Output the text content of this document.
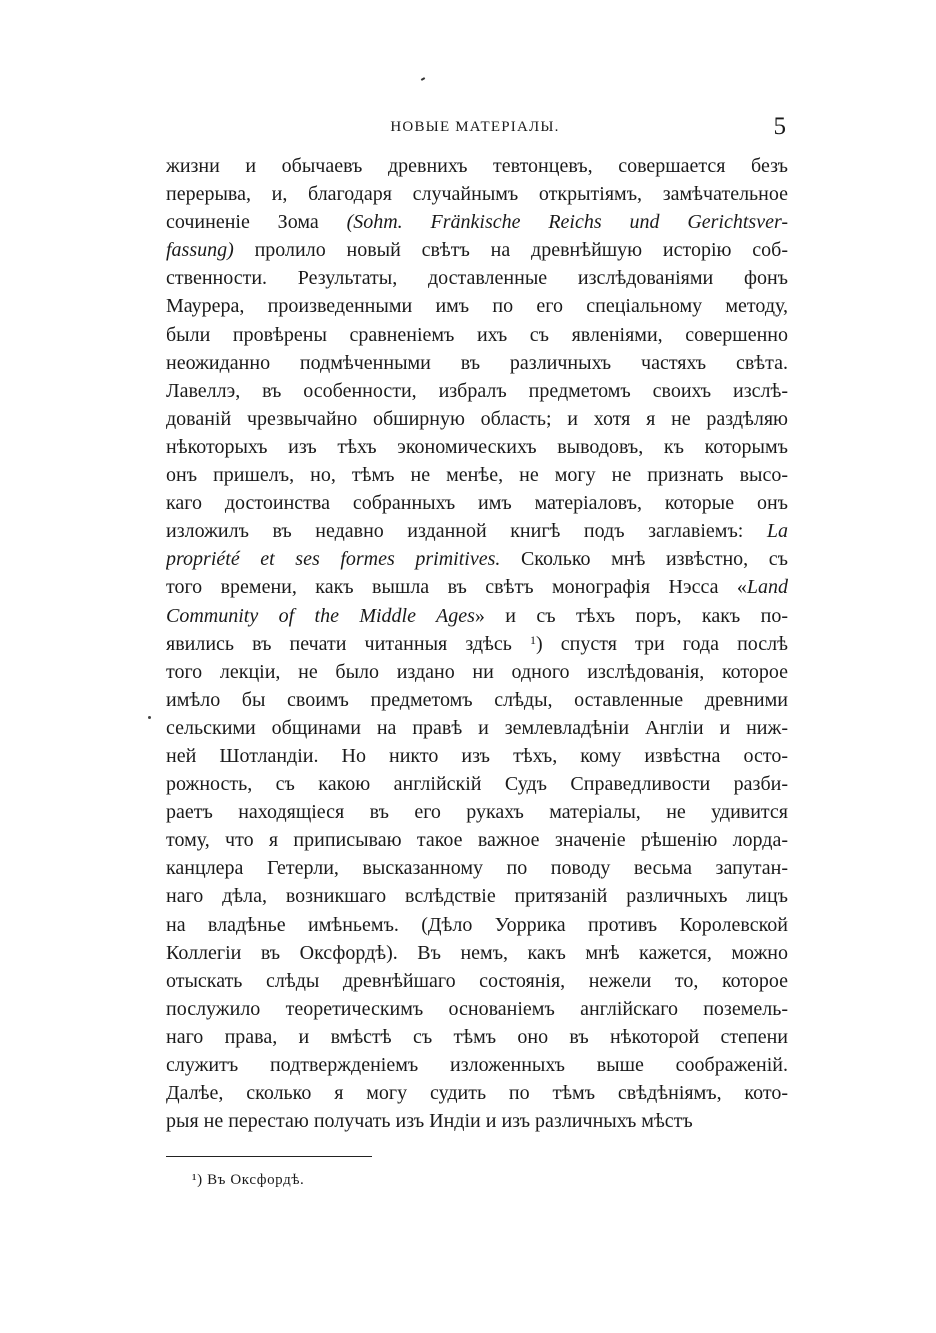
НОВЫЕ МАТЕРІАЛЫ.	5
жизни и обычаевъ древнихъ тевтонцевъ, совершается безъ
перерыва, и, благодаря случайнымъ открытіямъ, замѣчательное
сочиненіе Зома (Sohm. Fränkische Reichs und Gerichtsver-
fassung) пролило новый свѣтъ на древнѣйшую исторію соб-
ственности. Результаты, доставленные изслѣдованіями фонъ
Маурера, произведенными имъ по его спеціальному методу,
были провѣрены сравненіемъ ихъ съ явленіями, совершенно
неожиданно подмѣченными въ различныхъ частяхъ свѣта.
Лавеллэ, въ особенности, избралъ предметомъ своихъ изслѣ-
дованій чрезвычайно обширную область; и хотя я не раздѣляю
нѣкоторыхъ изъ тѣхъ экономическихъ выводовъ, къ которымъ
онъ пришелъ, но, тѣмъ не менѣе, не могу не признать высо-
каго достоинства собранныхъ имъ матеріаловъ, которые онъ
изложилъ въ недавно изданной книгѣ подъ заглавіемъ: La
propriété et ses formes primitives. Сколько мнѣ извѣстно, съ
того времени, какъ вышла въ свѣтъ монографія Нэсса «Land
Community of the Middle Ages» и съ тѣхъ поръ, какъ по-
явились въ печати читанныя здѣсь $^1$) спустя три года послѣ
того лекціи, не было издано ни одного изслѣдованія, которое
имѣло бы своимъ предметомъ слѣды, оставленные древними
сельскими общинами на правѣ и землевладѣніи Англіи и ниж-
ней Шотландіи. Но никто изъ тѣхъ, кому извѣстна осто-
рожность, съ какою англійскій Судъ Справедливости разби-
раетъ находящіеся въ его рукахъ матеріалы, не удивится
тому, что я приписываю такое важное значеніе рѣшенію лорда-
канцлера Гетерли, высказанному по поводу весьма запутан-
наго дѣла, возникшаго вслѣдствіе притязаній различныхъ лицъ
на владѣнье имѣньемъ. (Дѣло Уоррика противъ Королевской
Коллегіи въ Оксфордѣ). Въ немъ, какъ мнѣ кажется, можно
отыскать слѣды древнѣйшаго состоянія, нежели то, которое
послужило теоретическимъ основаніемъ англійскаго поземель-
наго права, и вмѣстѣ съ тѣмъ оно въ нѣкоторой степени
служитъ подтвержденіемъ изложенныхъ выше соображеній.
Далѣе, сколько я могу судить по тѣмъ свѣдѣніямъ, кото-
рыя не перестаю получать изъ Индіи и изъ различныхъ мѣстъ
¹) Въ Оксфордѣ.
